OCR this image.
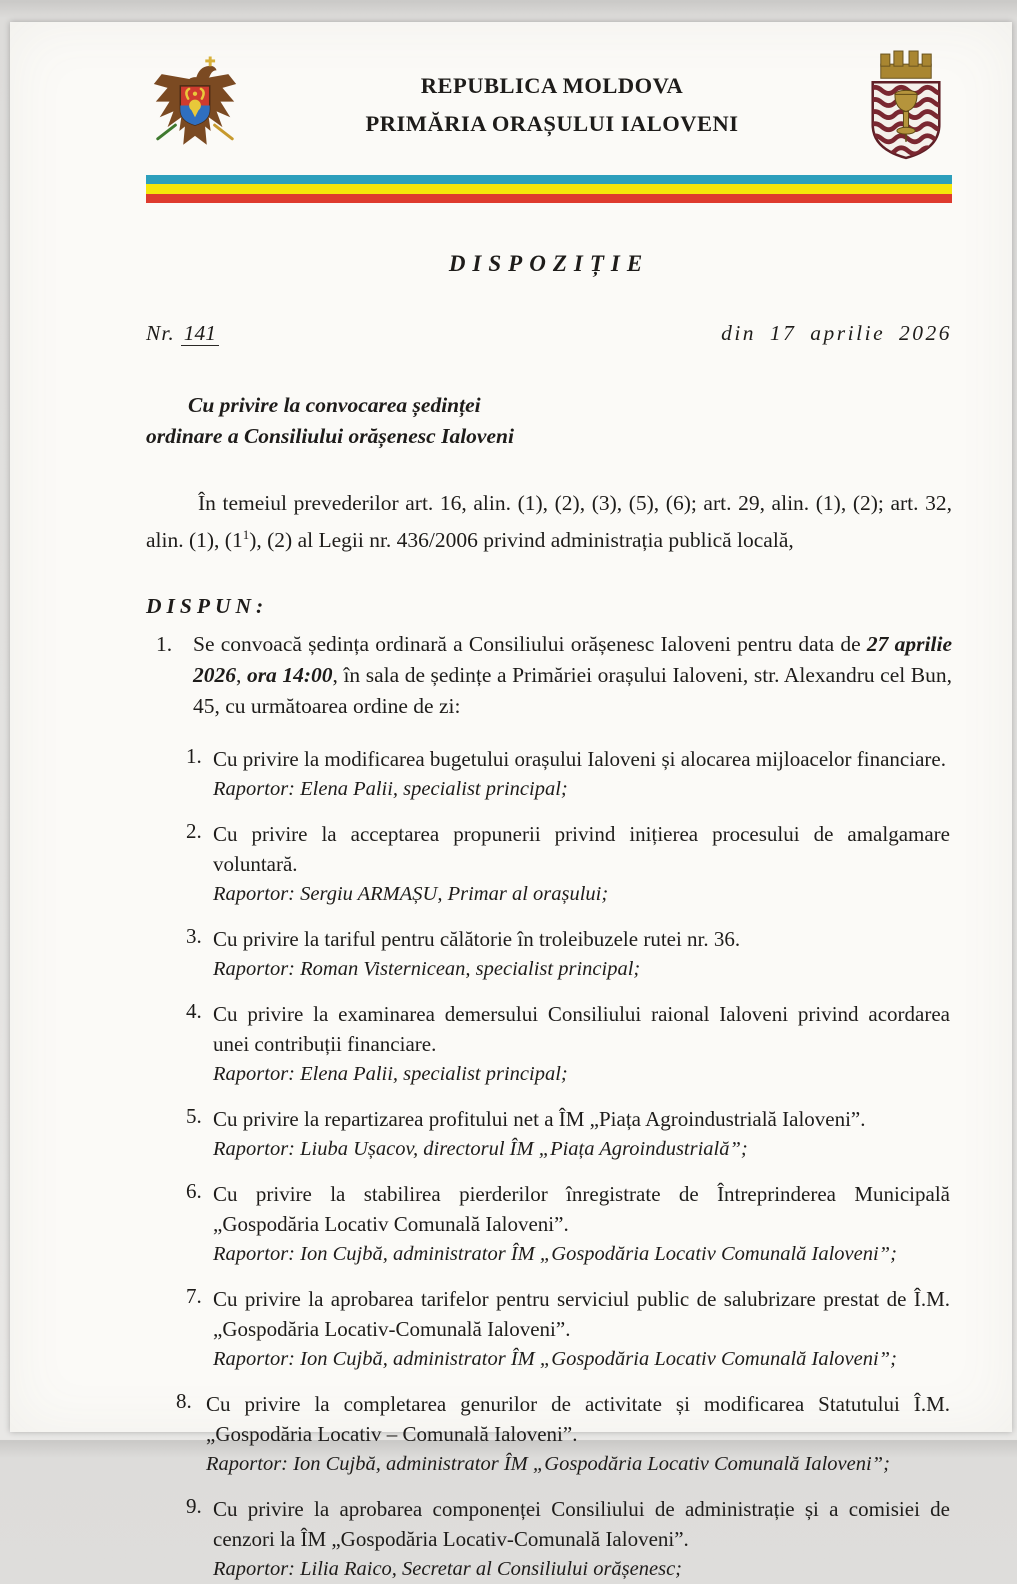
REPUBLICA MOLDOVA
PRIMĂRIA ORAȘULUI IALOVENI
DISPOZIȚIE
Nr. 141	din 17 aprilie 2026
Cu privire la convocarea ședinței
ordinare a Consiliului orășenesc Ialoveni

În temeiul prevederilor art. 16, alin. (1), (2), (3), (5), (6); art. 29, alin. (1), (2); art. 32, alin. (1), $(1^1)$, (2) al Legii nr. 436/2006 privind administrația publică locală,

DISPUN:
1. Se convoacă ședința ordinară a Consiliului orășenesc Ialoveni pentru data de 27 aprilie 2026, ora 14:00, în sala de ședințe a Primăriei orașului Ialoveni, str. Alexandru cel Bun, 45, cu următoarea ordine de zi:
1. Cu privire la modificarea bugetului orașului Ialoveni și alocarea mijloacelor financiare.
Raportor: Elena Palii, specialist principal;
2. Cu privire la acceptarea propunerii privind inițierea procesului de amalgamare voluntară.
Raportor: Sergiu ARMAȘU, Primar al orașului;
3. Cu privire la tariful pentru călătorie în troleibuzele rutei nr. 36.
Raportor: Roman Visternicean, specialist principal;
4. Cu privire la examinarea demersului Consiliului raional Ialoveni privind acordarea unei contribuții financiare.
Raportor: Elena Palii, specialist principal;
5. Cu privire la repartizarea profitului net a ÎM „Piața Agroindustrială Ialoveni”.
Raportor: Liuba Ușacov, directorul ÎM „Piața Agroindustrială”;
6. Cu privire la stabilirea pierderilor înregistrate de Întreprinderea Municipală „Gospodăria Locativ Comunală Ialoveni”.
Raportor: Ion Cujbă, administrator ÎM „Gospodăria Locativ Comunală Ialoveni”;
7. Cu privire la aprobarea tarifelor pentru serviciul public de salubrizare prestat de Î.M. „Gospodăria Locativ-Comunală Ialoveni”.
Raportor: Ion Cujbă, administrator ÎM „Gospodăria Locativ Comunală Ialoveni”;
8. Cu privire la completarea genurilor de activitate și modificarea Statutului Î.M. „Gospodăria Locativ – Comunală Ialoveni”.
Raportor: Ion Cujbă, administrator ÎM „Gospodăria Locativ Comunală Ialoveni”;
9. Cu privire la aprobarea componenței Consiliului de administrație și a comisiei de cenzori la ÎM „Gospodăria Locativ-Comunală Ialoveni”.
Raportor: Lilia Raico, Secretar al Consiliului orășenesc;
